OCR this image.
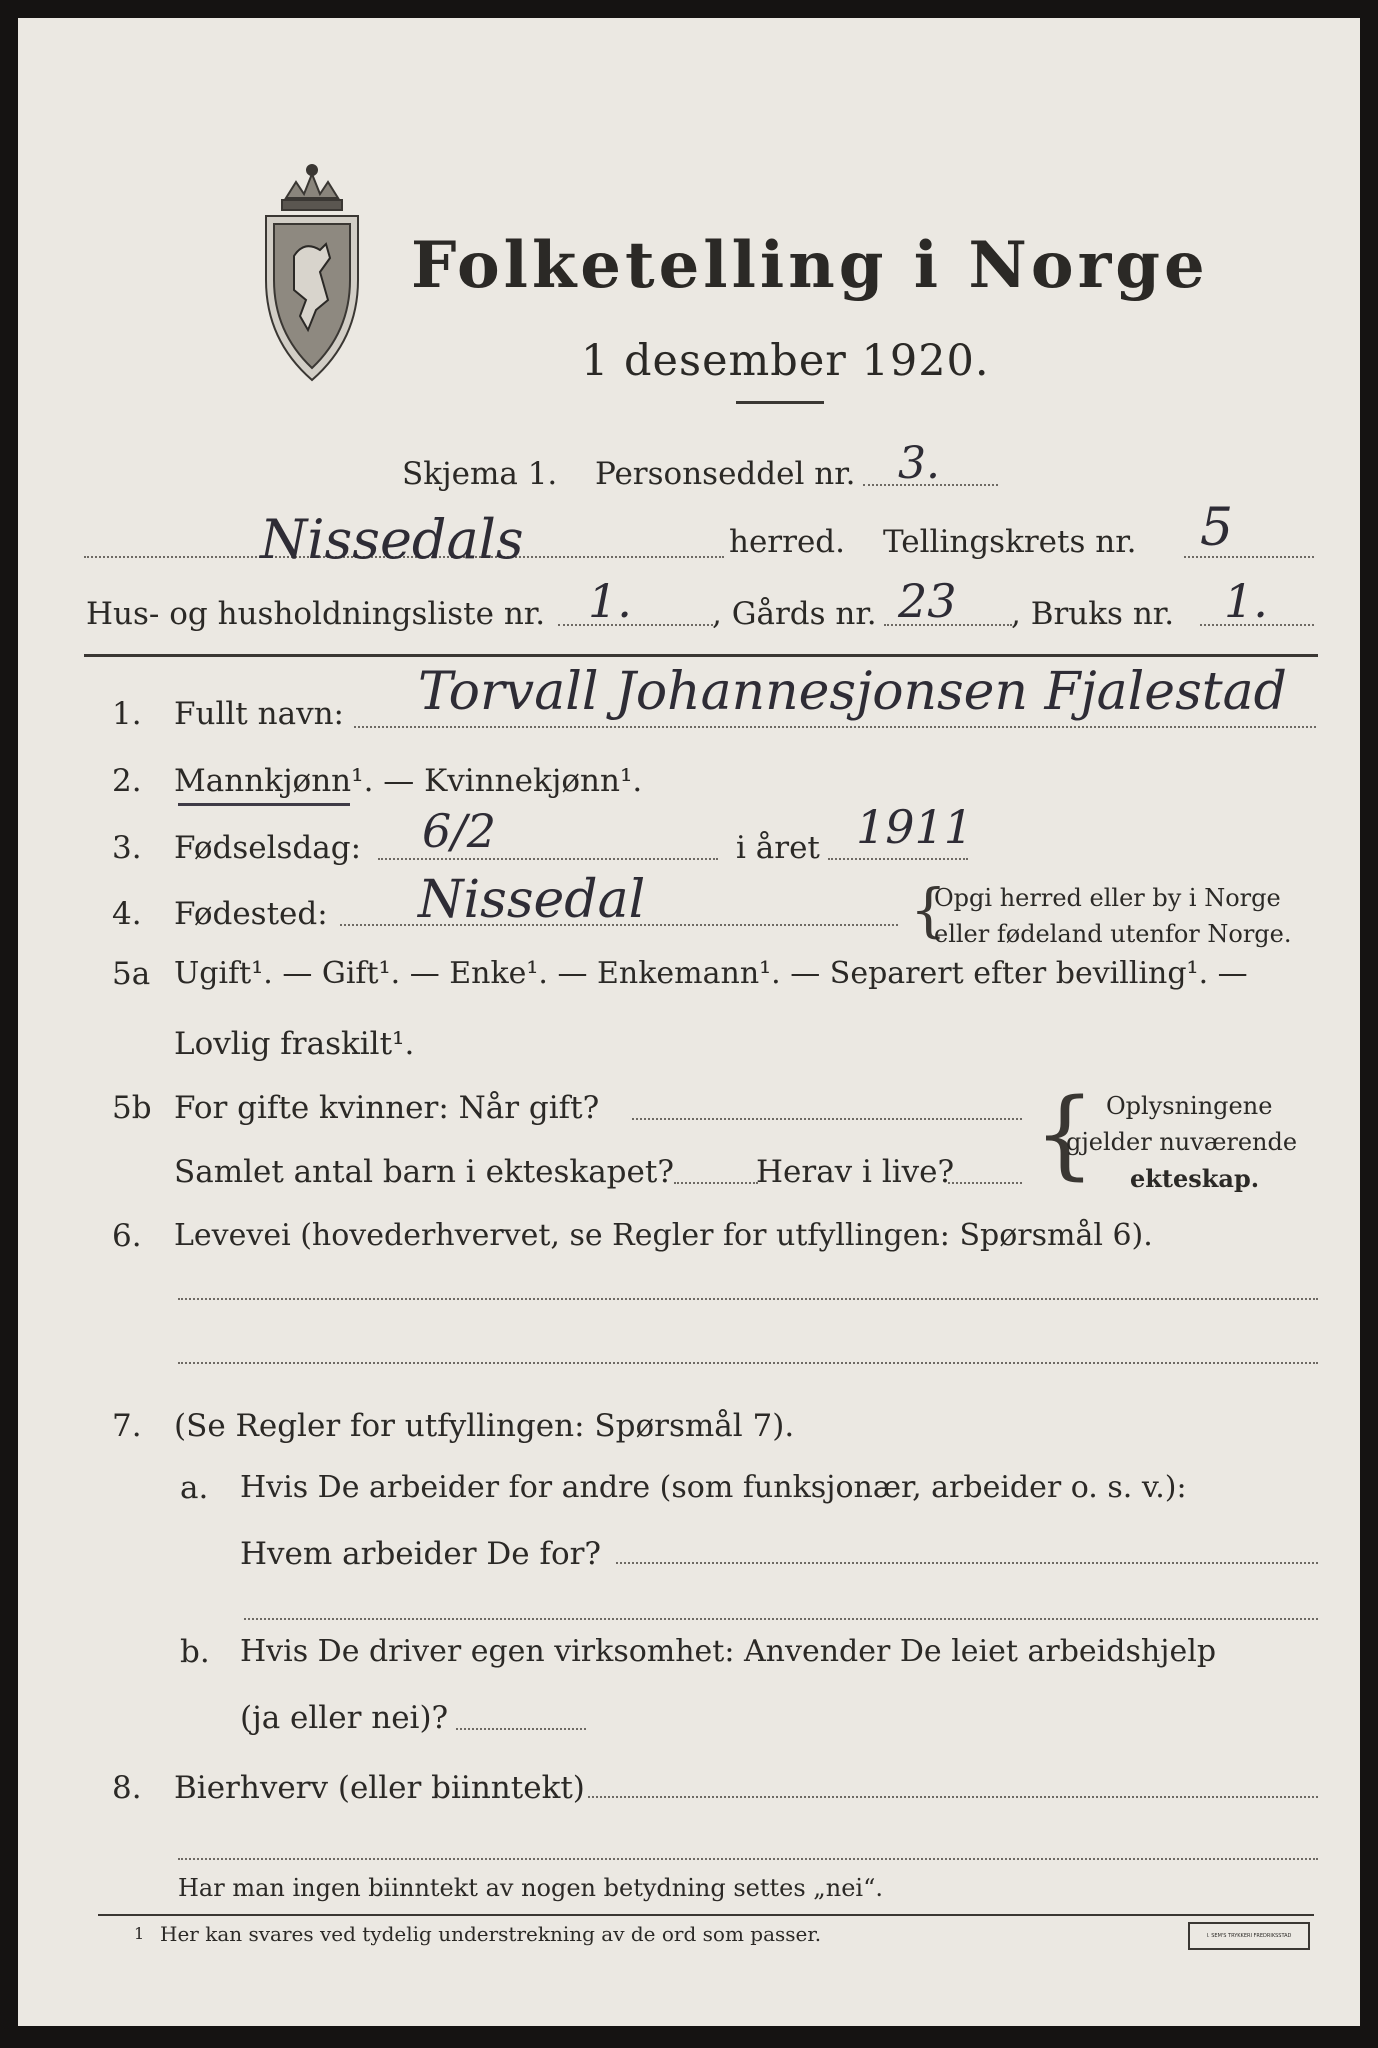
Folketelling i Norge
1 desember 1920.
Skjema 1. Personseddel nr. 3.
Nissedals	herred. Tellingskrets nr. 5
Hus- og husholdningsliste nr. 1.	, Gårds nr. 23 , Bruks nr. 1.
1. Fullt navn: Torvall Johannesjonsen Fjalestad
2. Mannkjønn¹. — Kvinnekjønn¹.
3. Fødselsdag: 6/2	i året 1911
4. Fødested: Nissedal	{
Opgi herred eller by i Norge
eller fødeland utenfor Norge.
5a Ugift¹. — Gift¹. — Enke¹. — Enkemann¹. — Separert efter bevilling¹. —
Lovlig fraskilt¹.
5b For gifte kvinner: Når gift?
Samlet antal barn i ekteskapet?	Herav i live? { Oplysningene
gjelder nuværende
ekteskap.
6. Levevei (hovederhvervet, se Regler for utfyllingen: Spørsmål 6).
7. (Se Regler for utfyllingen: Spørsmål 7).
a. Hvis De arbeider for andre (som funksjonær, arbeider o. s. v.):
Hvem arbeider De for?
b. Hvis De driver egen virksomhet: Anvender De leiet arbeidshjelp
(ja eller nei)?
8. Bierhverv (eller biinntekt)
Har man ingen biinntekt av nogen betydning settes „nei“.
1 Her kan svares ved tydelig understrekning av de ord som passer.	I. SEM'S TRYKKERI FREDRIKSSTAD
